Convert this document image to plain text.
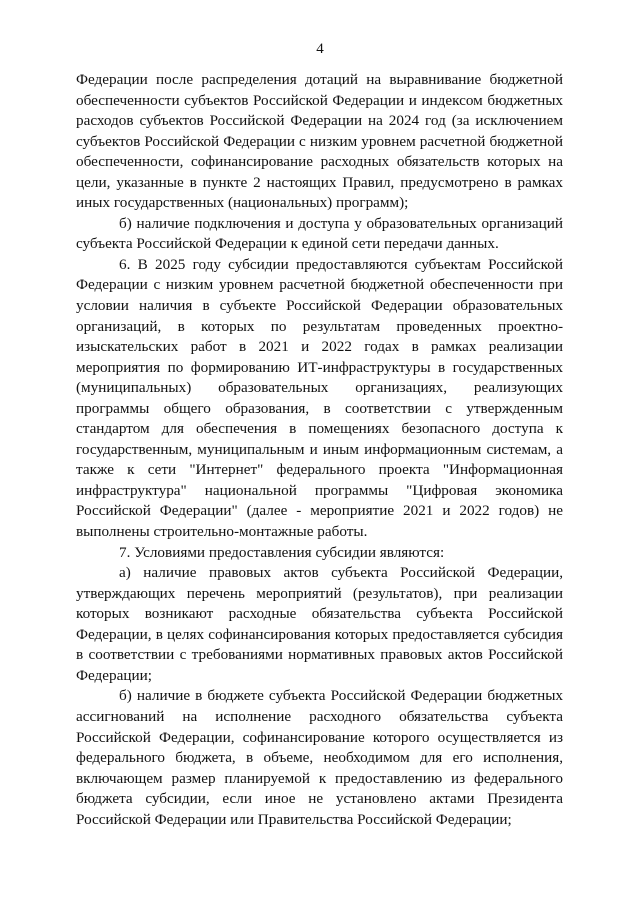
4

Федерации после распределения дотаций на выравнивание бюджетной обеспеченности субъектов Российской Федерации и индексом бюджетных расходов субъектов Российской Федерации на 2024 год (за исключением субъектов Российской Федерации с низким уровнем расчетной бюджетной обеспеченности, софинансирование расходных обязательств которых на цели, указанные в пункте 2 настоящих Правил, предусмотрено в рамках иных государственных (национальных) программ);

б) наличие подключения и доступа у образовательных организаций субъекта Российской Федерации к единой сети передачи данных.

6. В 2025 году субсидии предоставляются субъектам Российской Федерации с низким уровнем расчетной бюджетной обеспеченности при условии наличия в субъекте Российской Федерации образовательных организаций, в которых по результатам проведенных проектно-изыскательских работ в 2021 и 2022 годах в рамках реализации мероприятия по формированию ИТ-инфраструктуры в государственных (муниципальных) образовательных организациях, реализующих программы общего образования, в соответствии с утвержденным стандартом для обеспечения в помещениях безопасного доступа к государственным, муниципальным и иным информационным системам, а также к сети "Интернет" федерального проекта "Информационная инфраструктура" национальной программы "Цифровая экономика Российской Федерации" (далее - мероприятие 2021 и 2022 годов) не выполнены строительно-монтажные работы.

7. Условиями предоставления субсидии являются:

а) наличие правовых актов субъекта Российской Федерации, утверждающих перечень мероприятий (результатов), при реализации которых возникают расходные обязательства субъекта Российской Федерации, в целях софинансирования которых предоставляется субсидия в соответствии с требованиями нормативных правовых актов Российской Федерации;

б) наличие в бюджете субъекта Российской Федерации бюджетных ассигнований на исполнение расходного обязательства субъекта Российской Федерации, софинансирование которого осуществляется из федерального бюджета, в объеме, необходимом для его исполнения, включающем размер планируемой к предоставлению из федерального бюджета субсидии, если иное не установлено актами Президента Российской Федерации или Правительства Российской Федерации;
